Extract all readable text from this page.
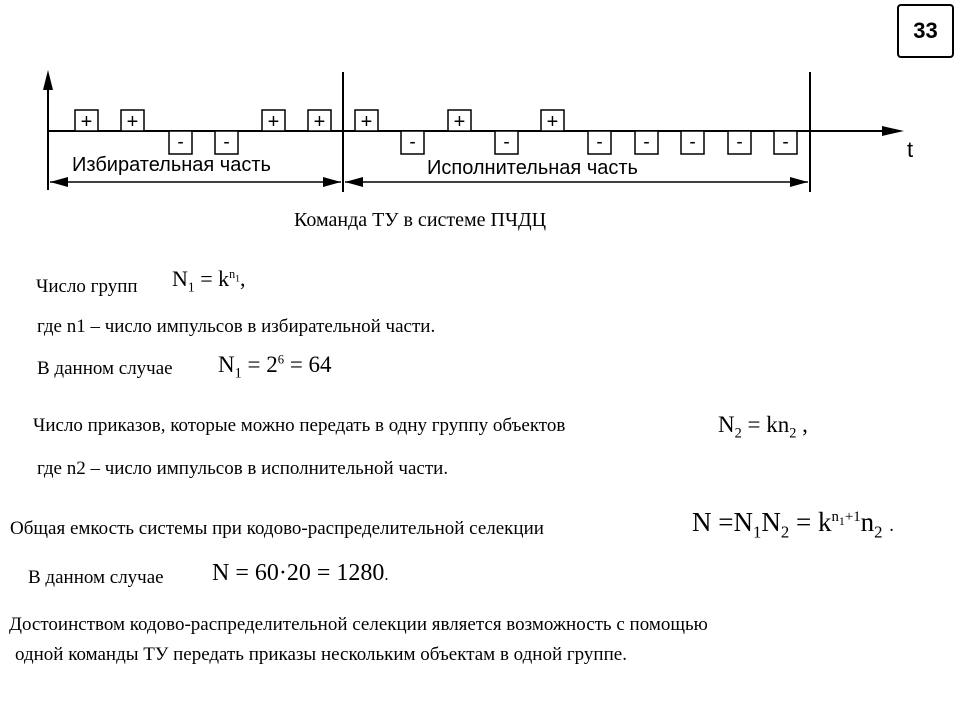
33
+ +	+ + +	+	+
- -	-	-	- - - - -	t
Избирательная часть	Исполнительная часть
Команда ТУ в системе ПЧДЦ
Число групп $N_1 = k^{n_1}$,
где n1 – число импульсов в избирательной части.
В данном случае $N_1 = 2^6 = 64$
Число приказов, которые можно передать в одну группу объектов	$N_2 = kn_2$ ,
где n2 – число импульсов в исполнительной части.
Общая емкость системы при кодово-распределительной селекции	$N =N_1N_2 = k^{n_1+1}n_2$ .
В данном случае N = 60·20 = 1280.
Достоинством кодово-распределительной селекции является возможность с помощью
одной команды ТУ передать приказы нескольким объектам в одной группе.
